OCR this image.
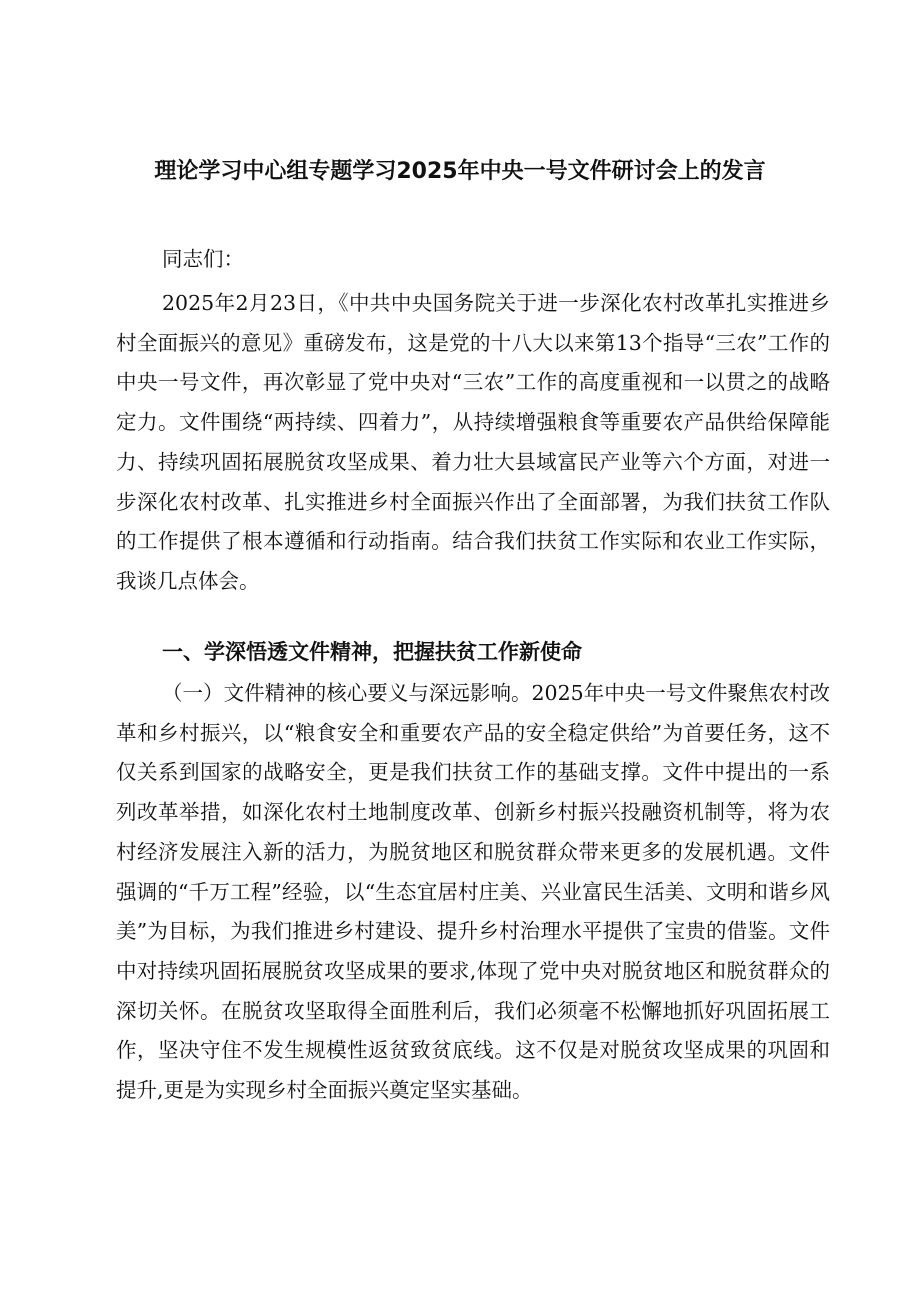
理论学习中心组专题学习2025年中央一号文件研讨会上的发言

同志们：

2025年2月23日，《中共中央国务院关于进一步深化农村改革扎实推进乡村全面振兴的意见》重磅发布，这是党的十八大以来第13个指导“三农”工作的中央一号文件，再次彰显了党中央对“三农”工作的高度重视和一以贯之的战略定力。文件围绕“两持续、四着力”，从持续增强粮食等重要农产品供给保障能力、持续巩固拓展脱贫攻坚成果、着力壮大县域富民产业等六个方面，对进一步深化农村改革、扎实推进乡村全面振兴作出了全面部署，为我们扶贫工作队的工作提供了根本遵循和行动指南。结合我们扶贫工作实际和农业工作实际，我谈几点体会。

一、学深悟透文件精神，把握扶贫工作新使命

（一）文件精神的核心要义与深远影响。2025年中央一号文件聚焦农村改革和乡村振兴，以“粮食安全和重要农产品的安全稳定供给”为首要任务，这不仅关系到国家的战略安全，更是我们扶贫工作的基础支撑。文件中提出的一系列改革举措，如深化农村土地制度改革、创新乡村振兴投融资机制等，将为农村经济发展注入新的活力，为脱贫地区和脱贫群众带来更多的发展机遇。文件强调的“千万工程”经验，以“生态宜居村庄美、兴业富民生活美、文明和谐乡风美”为目标，为我们推进乡村建设、提升乡村治理水平提供了宝贵的借鉴。文件中对持续巩固拓展脱贫攻坚成果的要求,体现了党中央对脱贫地区和脱贫群众的深切关怀。在脱贫攻坚取得全面胜利后，我们必须毫不松懈地抓好巩固拓展工作，坚决守住不发生规模性返贫致贫底线。这不仅是对脱贫攻坚成果的巩固和提升,更是为实现乡村全面振兴奠定坚实基础。
